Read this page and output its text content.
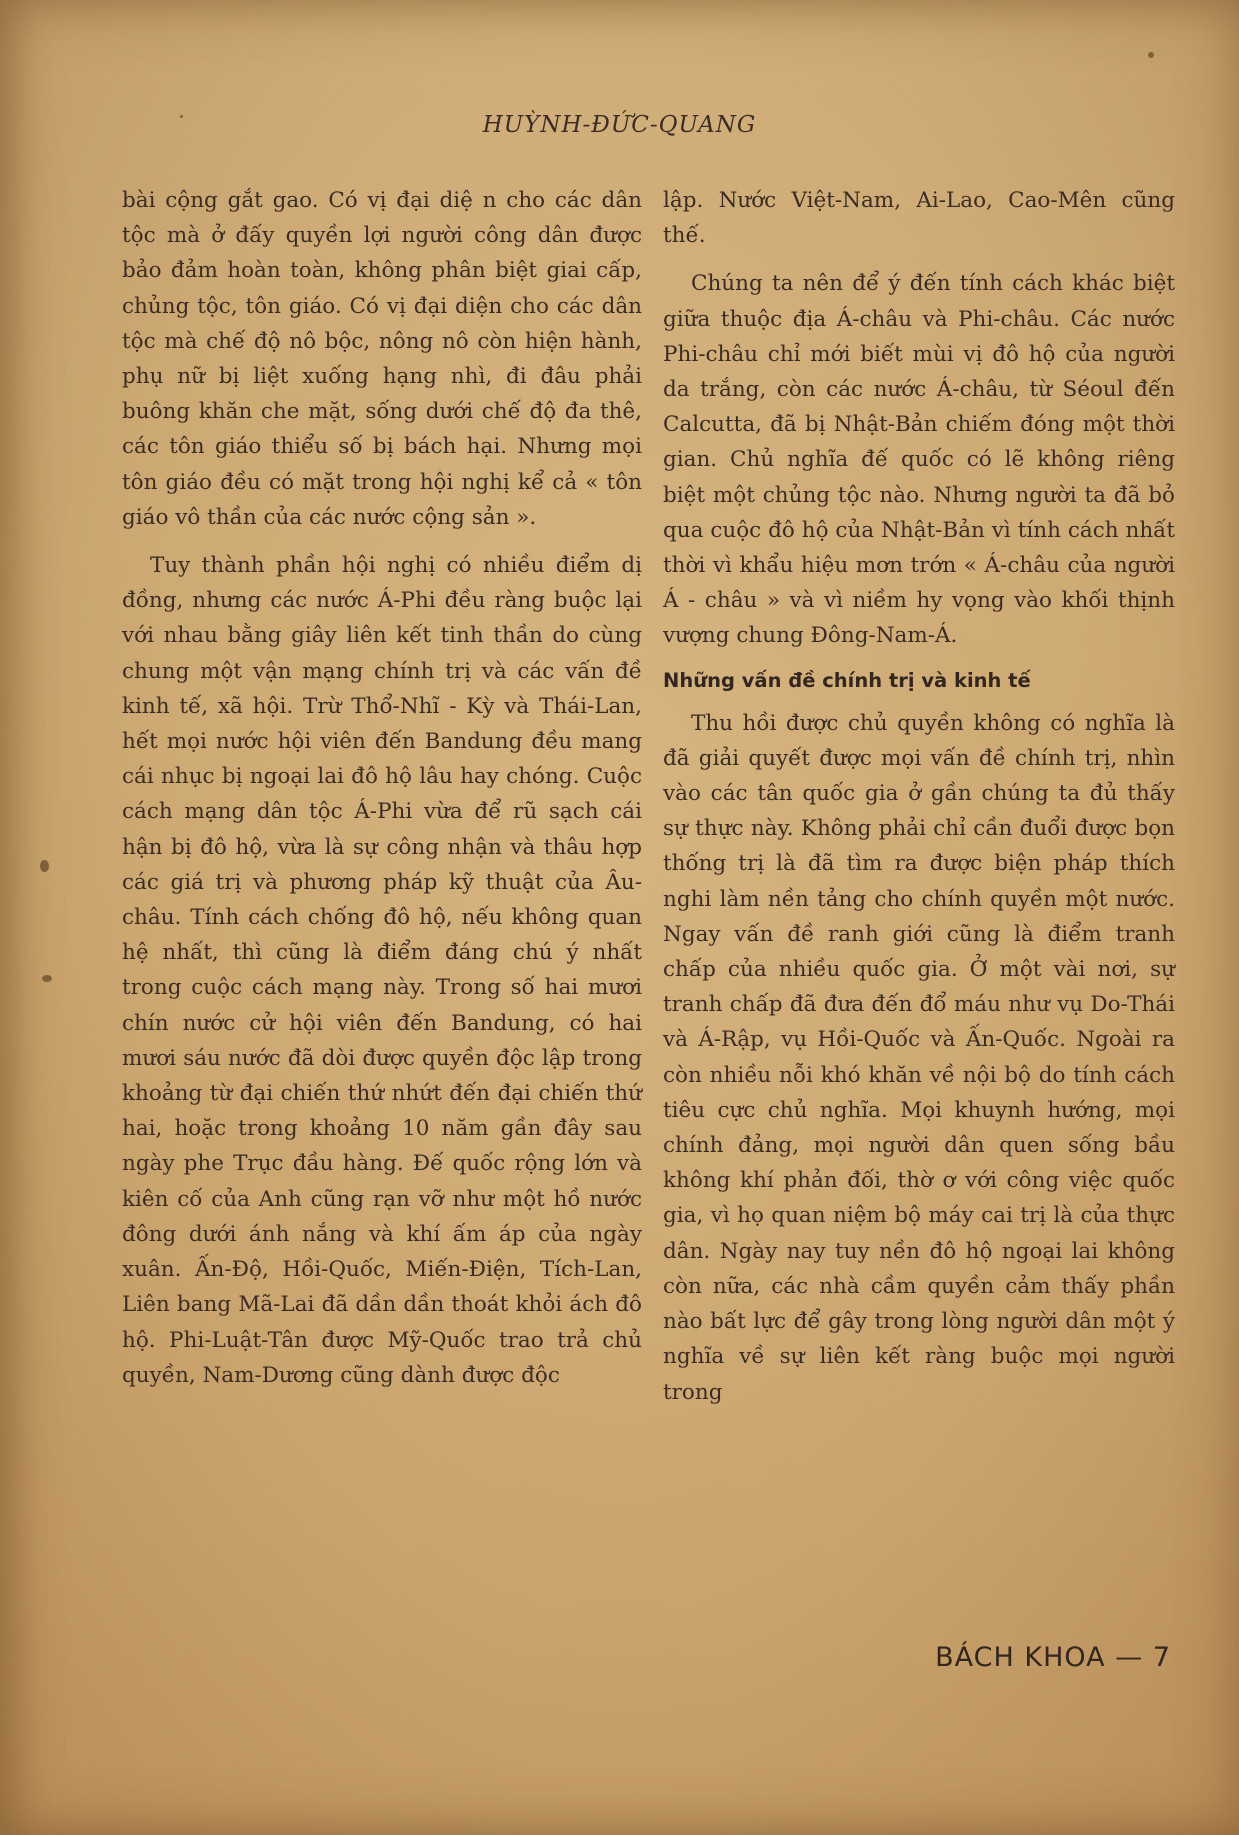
HUỲNH-ĐỨC-QUANG

bài cộng gắt gao. Có vị đại diệ n cho các dân tộc mà ở đấy quyền lợi người công dân được bảo đảm hoàn toàn, không phân biệt giai cấp, chủng tộc, tôn giáo. Có vị đại diện cho các dân tộc mà chế độ nô bộc, nông nô còn hiện hành, phụ nữ bị liệt xuống hạng nhì, đi đâu phải buông khăn che mặt, sống dưới chế độ đa thê, các tôn giáo thiểu số bị bách hại. Nhưng mọi tôn giáo đều có mặt trong hội nghị kể cả « tôn giáo vô thần của các nước cộng sản ».

Tuy thành phần hội nghị có nhiều điểm dị đồng, nhưng các nước Á-Phi đều ràng buộc lại với nhau bằng giây liên kết tinh thần do cùng chung một vận mạng chính trị và các vấn đề kinh tế, xã hội. Trừ Thổ-Nhĩ - Kỳ và Thái-Lan, hết mọi nước hội viên đến Bandung đều mang cái nhục bị ngoại lai đô hộ lâu hay chóng. Cuộc cách mạng dân tộc Á-Phi vừa để rũ sạch cái hận bị đô hộ, vừa là sự công nhận và thâu hợp các giá trị và phương pháp kỹ thuật của Âu-châu. Tính cách chống đô hộ, nếu không quan hệ nhất, thì cũng là điểm đáng chú ý nhất trong cuộc cách mạng này. Trong số hai mươi chín nước cử hội viên đến Bandung, có hai mươi sáu nước đã dòi được quyền độc lập trong khoảng từ đại chiến thứ nhứt đến đại chiến thứ hai, hoặc trong khoảng 10 năm gần đây sau ngày phe Trục đầu hàng. Đế quốc rộng lớn và kiên cố của Anh cũng rạn vỡ như một hồ nước đông dưới ánh nắng và khí ấm áp của ngày xuân. Ấn-Độ, Hồi-Quốc, Miến-Điện, Tích-Lan, Liên bang Mã-Lai đã dần dần thoát khỏi ách đô hộ. Phi-Luật-Tân được Mỹ-Quốc trao trả chủ quyền, Nam-Dương cũng dành được độc

lập. Nước Việt-Nam, Ai-Lao, Cao-Mên cũng thế.

Chúng ta nên để ý đến tính cách khác biệt giữa thuộc địa Á-châu và Phi-châu. Các nước Phi-châu chỉ mới biết mùi vị đô hộ của người da trắng, còn các nước Á-châu, từ Séoul đến Calcutta, đã bị Nhật-Bản chiếm đóng một thời gian. Chủ nghĩa đế quốc có lẽ không riêng biệt một chủng tộc nào. Nhưng người ta đã bỏ qua cuộc đô hộ của Nhật-Bản vì tính cách nhất thời vì khẩu hiệu mơn trớn « Á-châu của người Á - châu » và vì niềm hy vọng vào khối thịnh vượng chung Đông-Nam-Á.

Những vấn đề chính trị và kinh tế

Thu hồi được chủ quyền không có nghĩa là đã giải quyết được mọi vấn đề chính trị, nhìn vào các tân quốc gia ở gần chúng ta đủ thấy sự thực này. Không phải chỉ cần đuổi được bọn thống trị là đã tìm ra được biện pháp thích nghi làm nền tảng cho chính quyền một nước. Ngay vấn đề ranh giới cũng là điểm tranh chấp của nhiều quốc gia. Ở một vài nơi, sự tranh chấp đã đưa đến đổ máu như vụ Do-Thái và Á-Rập, vụ Hồi-Quốc và Ấn-Quốc. Ngoài ra còn nhiều nỗi khó khăn về nội bộ do tính cách tiêu cực chủ nghĩa. Mọi khuynh hướng, mọi chính đảng, mọi người dân quen sống bầu không khí phản đối, thờ ơ với công việc quốc gia, vì họ quan niệm bộ máy cai trị là của thực dân. Ngày nay tuy nền đô hộ ngoại lai không còn nữa, các nhà cầm quyền cảm thấy phần nào bất lực để gây trong lòng người dân một ý nghĩa về sự liên kết ràng buộc mọi người trong

BÁCH KHOA — 7
